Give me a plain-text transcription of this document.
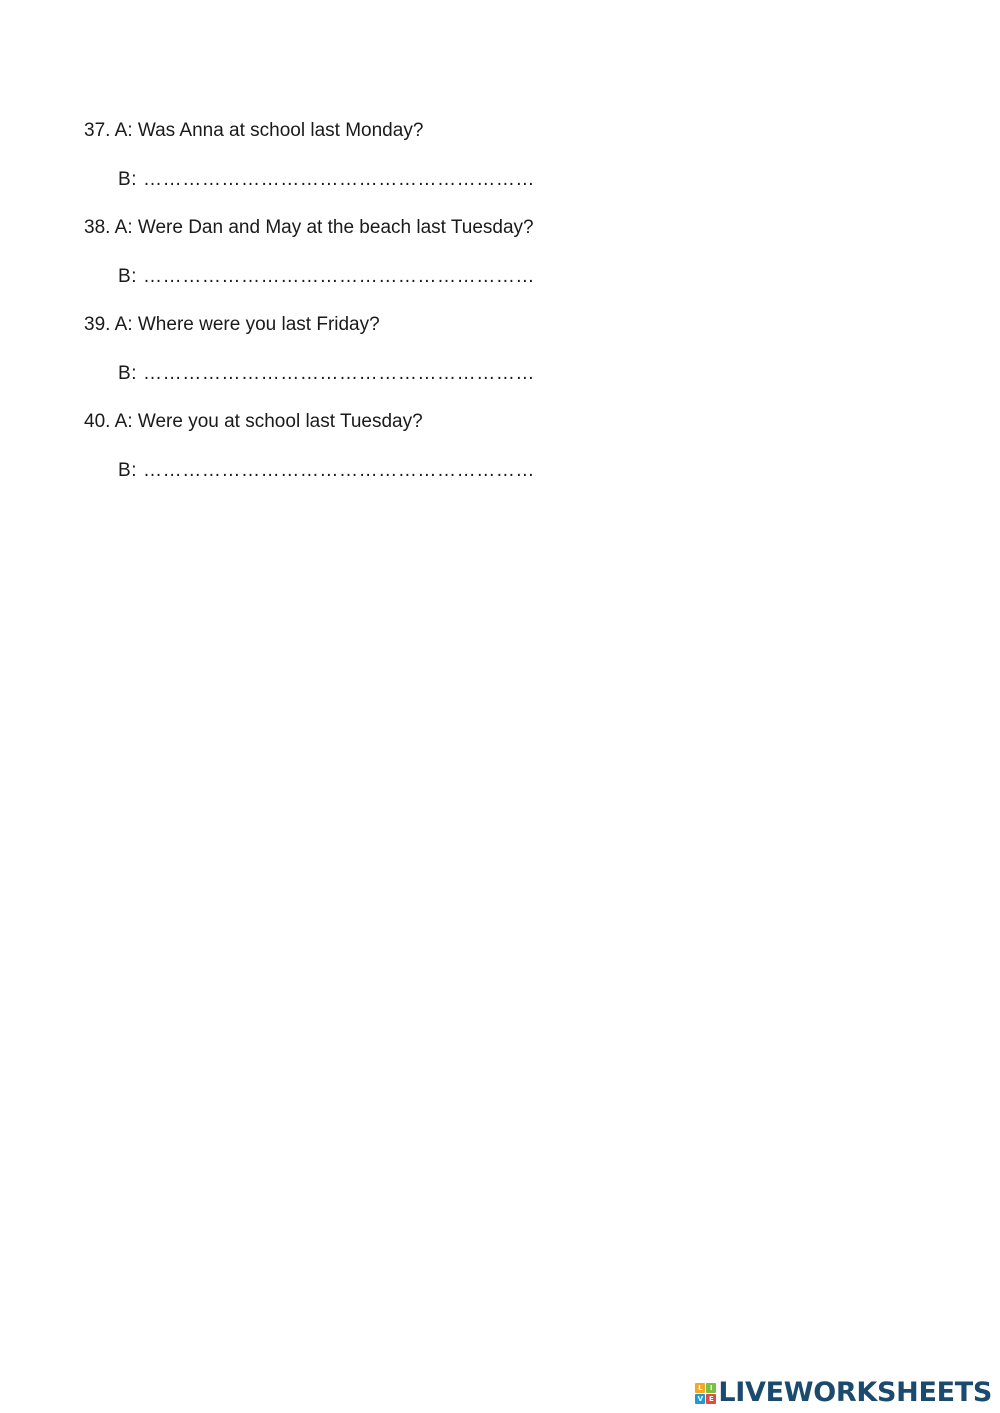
37. A: Was Anna at school last Monday?
B: ……………………………………………………
38. A: Were Dan and May at the beach last Tuesday?
B: ……………………………………………………
39. A: Where were you last Friday?
B: ……………………………………………………
40. A: Were you at school last Tuesday?
B: ……………………………………………………
L	I
V E LIVEWORKSHEETS
